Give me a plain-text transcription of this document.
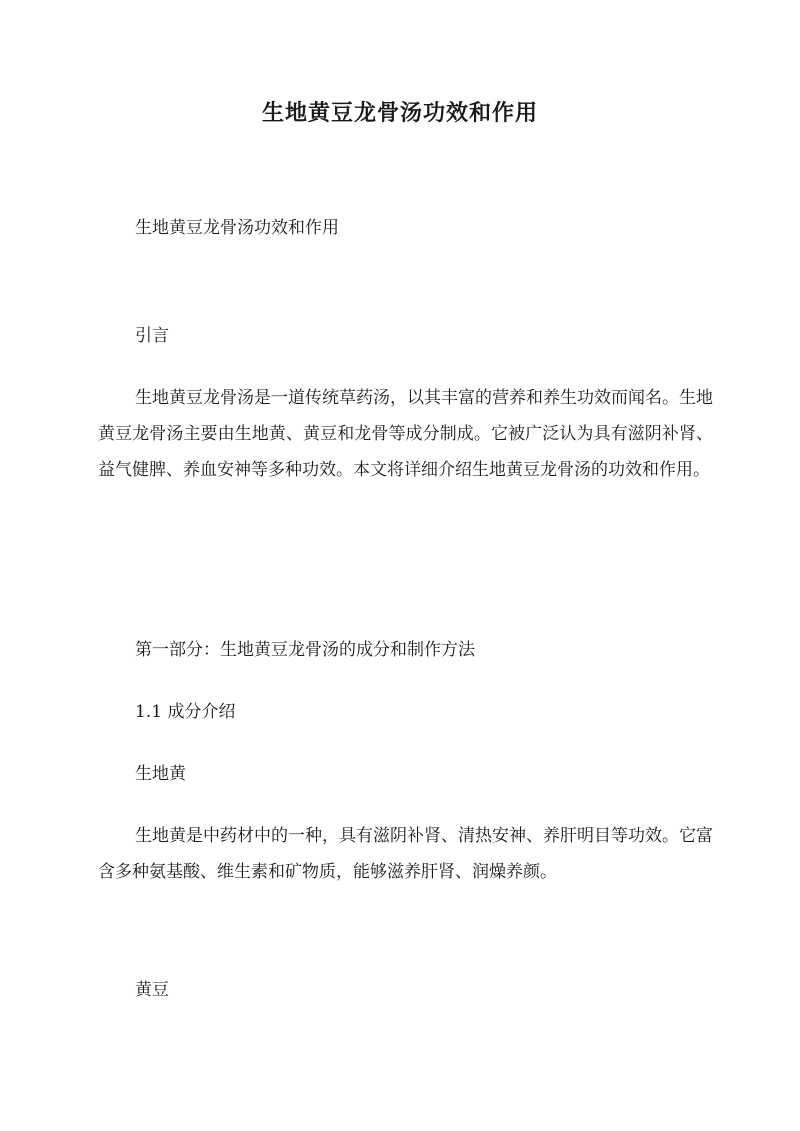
生地黄豆龙骨汤功效和作用

生地黄豆龙骨汤功效和作用

引言

生地黄豆龙骨汤是一道传统草药汤，以其丰富的营养和养生功效而闻名。生地黄豆龙骨汤主要由生地黄、黄豆和龙骨等成分制成。它被广泛认为具有滋阴补肾、益气健脾、养血安神等多种功效。本文将详细介绍生地黄豆龙骨汤的功效和作用。

第一部分：生地黄豆龙骨汤的成分和制作方法

1.1 成分介绍

生地黄

生地黄是中药材中的一种，具有滋阴补肾、清热安神、养肝明目等功效。它富含多种氨基酸、维生素和矿物质，能够滋养肝肾、润燥养颜。

黄豆
